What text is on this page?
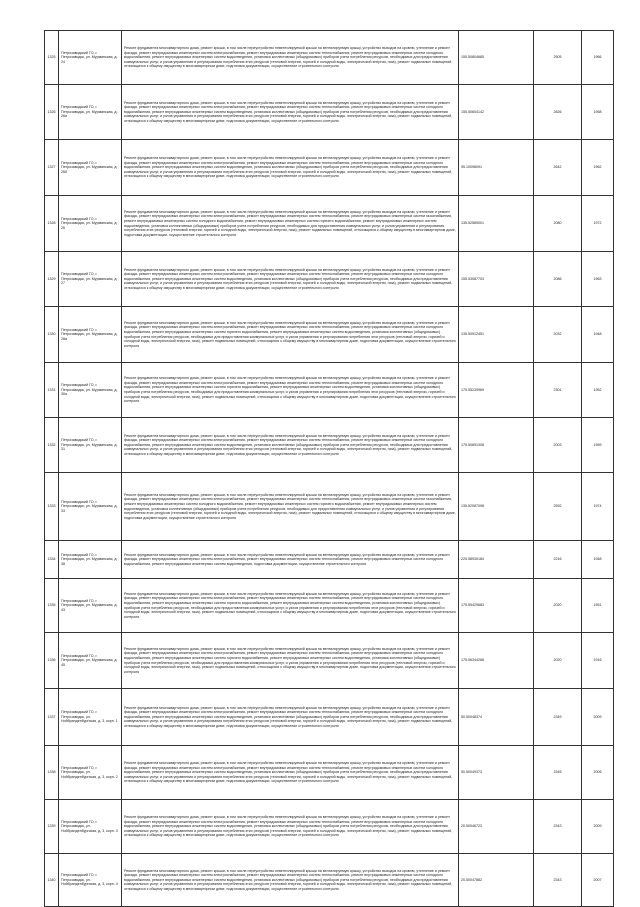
1325	Петрозаводский ГО, г. Петрозаводск, ул. Мурманская, д. 24	Ремонт фундамента многоквартирного дома, ремонт крыши, в том числе переустройство невентилируемой крыши на вентилируемую крышу, устройство выходов на кровлю, утепление и ремонт фасада, ремонт внутридомовых инженерных систем электроснабжения, ремонт внутридомовых инженерных систем теплоснабжения, ремонт внутридомовых инженерных систем холодного водоснабжения, ремонт внутридомовых инженерных систем водоотведения, установка коллективных (общедомовых) приборов учета потребления ресурсов, необходимых для предоставления коммунальных услуг, и узлов управления и регулирования потребления этих ресурсов (тепловой энергии, горячей и холодной воды, электрической энергии, газа), ремонт подвальных помещений, относящихся к общему имуществу в многоквартирном доме, подготовка документации, осуществление строительного контроля	155.50804685	2505	1966
1326	Петрозаводский ГО, г. Петрозаводск, ул. Мурманская, д. 26а	Ремонт фундамента многоквартирного дома, ремонт крыши, в том числе переустройство невентилируемой крыши на вентилируемую крышу, устройство выходов на кровлю, утепление и ремонт фасада, ремонт внутридомовых инженерных систем электроснабжения, ремонт внутридомовых инженерных систем теплоснабжения, ремонт внутридомовых инженерных систем холодного водоснабжения, ремонт внутридомовых инженерных систем водоотведения, установка коллективных (общедомовых) приборов учета потребления ресурсов, необходимых для предоставления коммунальных услуг, и узлов управления и регулирования потребления этих ресурсов (тепловой энергии, горячей и холодной воды, электрической энергии, газа), ремонт подвальных помещений, относящихся к общему имуществу в многоквартирном доме, подготовка документации, осуществление строительного контроля	155.50604142	2826	1958
1327	Петрозаводский ГО, г. Петрозаводск, ул. Мурманская, д. 26б	Ремонт фундамента многоквартирного дома, ремонт крыши, в том числе переустройство невентилируемой крыши на вентилируемую крышу, устройство выходов на кровлю, утепление и ремонт фасада, ремонт внутридомовых инженерных систем электроснабжения, ремонт внутридомовых инженерных систем теплоснабжения, ремонт внутридомовых инженерных систем холодного водоснабжения, ремонт внутридомовых инженерных систем водоотведения, установка коллективных (общедомовых) приборов учета потребления ресурсов, необходимых для предоставления коммунальных услуг, и узлов управления и регулирования потребления этих ресурсов (тепловой энергии, горячей и холодной воды, электрической энергии, газа), ремонт подвальных помещений, относящихся к общему имуществу в многоквартирном доме, подготовка документации, осуществление строительного контроля	95.10096091	2642	1962
1328	Петрозаводский ГО, г. Петрозаводск, ул. Мурманская, д. 26	Ремонт фундамента многоквартирного дома, ремонт крыши, в том числе переустройство невентилируемой крыши на вентилируемую крышу, устройство выходов на кровлю, утепление и ремонт фасада, ремонт внутридомовых инженерных систем электроснабжения, ремонт внутридомовых инженерных систем теплоснабжения, ремонт внутридомовых инженерных систем газоснабжения, ремонт внутридомовых инженерных систем холодного водоснабжения, ремонт внутридомовых инженерных систем горячего водоснабжения, ремонт внутридомовых инженерных систем водоотведения, установка коллективных (общедомовых) приборов учета потребления ресурсов, необходимых для предоставления коммунальных услуг, и узлов управления и регулирования потребления этих ресурсов (тепловой энергии, горячей и холодной воды, электрической энергии, газа), ремонт подвальных помещений, относящихся к общему имуществу в многоквартирном доме, подготовка документации, осуществление строительного контроля	135.52589001	2080	1972
1329	Петрозаводский ГО, г. Петрозаводск, ул. Мурманская, д. 27	Ремонт фундамента многоквартирного дома, ремонт крыши, в том числе переустройство невентилируемой крыши на вентилируемую крышу, устройство выходов на кровлю, утепление и ремонт фасада, ремонт внутридомовых инженерных систем электроснабжения, ремонт внутридомовых инженерных систем теплоснабжения, ремонт внутридомовых инженерных систем холодного водоснабжения, ремонт внутридомовых инженерных систем водоотведения, установка коллективных (общедомовых) приборов учета потребления ресурсов, необходимых для предоставления коммунальных услуг, и узлов управления и регулирования потребления этих ресурсов (тепловой энергии, горячей и холодной воды, электрической энергии, газа), ремонт подвальных помещений, относящихся к общему имуществу в многоквартирном доме, подготовка документации, осуществление строительного контроля	155.53087703	2086	1963
1330	Петрозаводский ГО, г. Петрозаводск, ул. Мурманская, д. 28а	Ремонт фундамента многоквартирного дома, ремонт крыши, в том числе переустройство невентилируемой крыши на вентилируемую крышу, устройство выходов на кровлю, утепление и ремонт фасада, ремонт внутридомовых инженерных систем электроснабжения, ремонт внутридомовых инженерных систем теплоснабжения, ремонт внутридомовых инженерных систем холодного водоснабжения, ремонт внутридомовых инженерных систем горячего водоснабжения, ремонт внутридомовых инженерных систем водоотведения, установка коллективных (общедомовых) приборов учета потребления ресурсов, необходимых для предоставления коммунальных услуг, и узлов управления и регулирования потребления этих ресурсов (тепловой энергии, горячей и холодной воды, электрической энергии, газа), ремонт подвальных помещений, относящихся к общему имуществу в многоквартирном доме, подготовка документации, осуществление строительного контроля	135.50912451	2032	1948
1331	Петрозаводский ГО, г. Петрозаводск, ул. Мурманская, д. 30а	Ремонт фундамента многоквартирного дома, ремонт крыши, в том числе переустройство невентилируемой крыши на вентилируемую крышу, устройство выходов на кровлю, утепление и ремонт фасада, ремонт внутридомовых инженерных систем электроснабжения, ремонт внутридомовых инженерных систем теплоснабжения, ремонт внутридомовых инженерных систем холодного водоснабжения, ремонт внутридомовых инженерных систем горячего водоснабжения, ремонт внутридомовых инженерных систем водоотведения, установка коллективных (общедомовых) приборов учета потребления ресурсов, необходимых для предоставления коммунальных услуг, и узлов управления и регулирования потребления этих ресурсов (тепловой энергии, горячей и холодной воды, электрической энергии, газа), ремонт подвальных помещений, относящихся к общему имуществу в многоквартирном доме, подготовка документации, осуществление строительного контроля	175.55239969	2301	1952
1332	Петрозаводский ГО, г. Петрозаводск, ул. Мурманская, д. 31	Ремонт фундамента многоквартирного дома, ремонт крыши, в том числе переустройство невентилируемой крыши на вентилируемую крышу, устройство выходов на кровлю, утепление и ремонт фасада, ремонт внутридомовых инженерных систем электроснабжения, ремонт внутридомовых инженерных систем теплоснабжения, ремонт внутридомовых инженерных систем холодного водоснабжения, ремонт внутридомовых инженерных систем водоотведения, установка коллективных (общедомовых) приборов учета потребления ресурсов, необходимых для предоставления коммунальных услуг, и узлов управления и регулирования потребления этих ресурсов (тепловой энергии, горячей и холодной воды, электрической энергии, газа), ремонт подвальных помещений, относящихся к общему имуществу в многоквартирном доме, подготовка документации, осуществление строительного контроля	175.50651308	2003	1959
1333	Петрозаводский ГО, г. Петрозаводск, ул. Мурманская, д. 33	Ремонт фундамента многоквартирного дома, ремонт крыши, в том числе переустройство невентилируемой крыши на вентилируемую крышу, устройство выходов на кровлю, утепление и ремонт фасада, ремонт внутридомовых инженерных систем электроснабжения, ремонт внутридомовых инженерных систем теплоснабжения, ремонт внутридомовых инженерных систем газоснабжения, ремонт внутридомовых инженерных систем холодного водоснабжения, ремонт внутридомовых инженерных систем горячего водоснабжения, ремонт внутридомовых инженерных систем водоотведения, установка коллективных (общедомовых) приборов учета потребления ресурсов, необходимых для предоставления коммунальных услуг, и узлов управления и регулирования потребления этих ресурсов (тепловой энергии, горячей и холодной воды, электрической энергии, газа), ремонт подвальных помещений, относящихся к общему имуществу в многоквартирном доме, подготовка документации, осуществление строительного контроля	135.52087098	2592	1974
1334	Петрозаводский ГО, г. Петрозаводск, ул. Мурманская, д. 38	Ремонт фундамента многоквартирного дома, ремонт крыши, в том числе переустройство невентилируемой крыши на вентилируемую крышу, устройство выходов на кровлю, утепление и ремонт фасада, ремонт внутридомовых инженерных систем электроснабжения, ремонт внутридомовых инженерных систем теплоснабжения, ремонт внутридомовых инженерных систем холодного водоснабжения, ремонт внутридомовых инженерных систем водоотведения, подготовка документации, осуществление строительного контроля	225.58930184	2216	1948
1335	Петрозаводский ГО, г. Петрозаводск, ул. Мурманская, д. 43	Ремонт фундамента многоквартирного дома, ремонт крыши, в том числе переустройство невентилируемой крыши на вентилируемую крышу, устройство выходов на кровлю, утепление и ремонт фасада, ремонт внутридомовых инженерных систем электроснабжения, ремонт внутридомовых инженерных систем теплоснабжения, ремонт внутридомовых инженерных систем холодного водоснабжения, ремонт внутридомовых инженерных систем горячего водоснабжения, ремонт внутридомовых инженерных систем водоотведения, установка коллективных (общедомовых) приборов учета потребления ресурсов, необходимых для предоставления коммунальных услуг, и узлов управления и регулирования потребления этих ресурсов (тепловой энергии, горячей и холодной воды, электрической энергии, газа), ремонт подвальных помещений, относящихся к общему имуществу в многоквартирном доме, подготовка документации, осуществление строительного контроля	175.55429683	2020	1951
1336	Петрозаводский ГО, г. Петрозаводск, ул. Мурманская, д. 45	Ремонт фундамента многоквартирного дома, ремонт крыши, в том числе переустройство невентилируемой крыши на вентилируемую крышу, устройство выходов на кровлю, утепление и ремонт фасада, ремонт внутридомовых инженерных систем электроснабжения, ремонт внутридомовых инженерных систем теплоснабжения, ремонт внутридомовых инженерных систем холодного водоснабжения, ремонт внутридомовых инженерных систем горячего водоснабжения, ремонт внутридомовых инженерных систем водоотведения, установка коллективных (общедомовых) приборов учета потребления ресурсов, необходимых для предоставления коммунальных услуг, и узлов управления и регулирования потребления этих ресурсов (тепловой энергии, горячей и холодной воды, электрической энергии, газа), ремонт подвальных помещений, относящихся к общему имуществу в многоквартирном доме, подготовка документации, осуществление строительного контроля	175.56344268	2020	1916
1337	Петрозаводский ГО, г. Петрозаводск, ул. Нойбранденбургская, д. 3, корп. 1	Ремонт фундамента многоквартирного дома, ремонт крыши, в том числе переустройство невентилируемой крыши на вентилируемую крышу, устройство выходов на кровлю, утепление и ремонт фасада, ремонт внутридомовых инженерных систем электроснабжения, ремонт внутридомовых инженерных систем теплоснабжения, ремонт внутридомовых инженерных систем холодного водоснабжения, ремонт внутридомовых инженерных систем водоотведения, установка коллективных (общедомовых) приборов учета потребления ресурсов, необходимых для предоставления коммунальных услуг, и узлов управления и регулирования потребления этих ресурсов (тепловой энергии, горячей и холодной воды, электрической энергии, газа), ремонт подвальных помещений, относящихся к общему имуществу в многоквартирном доме, подготовка документации, осуществление строительного контроля	50.50048374	2349	2009
1338	Петрозаводский ГО, г. Петрозаводск, ул. Нойбранденбургская, д. 3, корп. 2	Ремонт фундамента многоквартирного дома, ремонт крыши, в том числе переустройство невентилируемой крыши на вентилируемую крышу, устройство выходов на кровлю, утепление и ремонт фасада, ремонт внутридомовых инженерных систем электроснабжения, ремонт внутридомовых инженерных систем теплоснабжения, ремонт внутридомовых инженерных систем холодного водоснабжения, ремонт внутридомовых инженерных систем водоотведения, установка коллективных (общедомовых) приборов учета потребления ресурсов, необходимых для предоставления коммунальных услуг, и узлов управления и регулирования потребления этих ресурсов (тепловой энергии, горячей и холодной воды, электрической энергии, газа), ремонт подвальных помещений, относящихся к общему имуществу в многоквартирном доме, подготовка документации, осуществление строительного контроля	50.50049373	2345	2006
1339	Петрозаводский ГО, г. Петрозаводск, ул. Нойбранденбургская, д. 3, корп. 3	Ремонт фундамента многоквартирного дома, ремонт крыши, в том числе переустройство невентилируемой крыши на вентилируемую крышу, устройство выходов на кровлю, утепление и ремонт фасада, ремонт внутридомовых инженерных систем электроснабжения, ремонт внутридомовых инженерных систем теплоснабжения, ремонт внутридомовых инженерных систем холодного водоснабжения, ремонт внутридомовых инженерных систем водоотведения, установка коллективных (общедомовых) приборов учета потребления ресурсов, необходимых для предоставления коммунальных услуг, и узлов управления и регулирования потребления этих ресурсов (тепловой энергии, горячей и холодной воды, электрической энергии, газа), ремонт подвальных помещений, относящихся к общему имуществу в многоквартирном доме, подготовка документации, осуществление строительного контроля	20.50046723	2343	2009
1340	Петрозаводский ГО, г. Петрозаводск, ул. Нойбранденбургская, д. 3, корп. 4	Ремонт фундамента многоквартирного дома, ремонт крыши, в том числе переустройство невентилируемой крыши на вентилируемую крышу, устройство выходов на кровлю, утепление и ремонт фасада, ремонт внутридомовых инженерных систем электроснабжения, ремонт внутридомовых инженерных систем теплоснабжения, ремонт внутридомовых инженерных систем холодного водоснабжения, ремонт внутридомовых инженерных систем водоотведения, установка коллективных (общедомовых) приборов учета потребления ресурсов, необходимых для предоставления коммунальных услуг, и узлов управления и регулирования потребления этих ресурсов (тепловой энергии, горячей и холодной воды, электрической энергии, газа), ремонт подвальных помещений, относящихся к общему имуществу в многоквартирном доме, подготовка документации, осуществление строительного контроля	20.50047882	2343	2007
